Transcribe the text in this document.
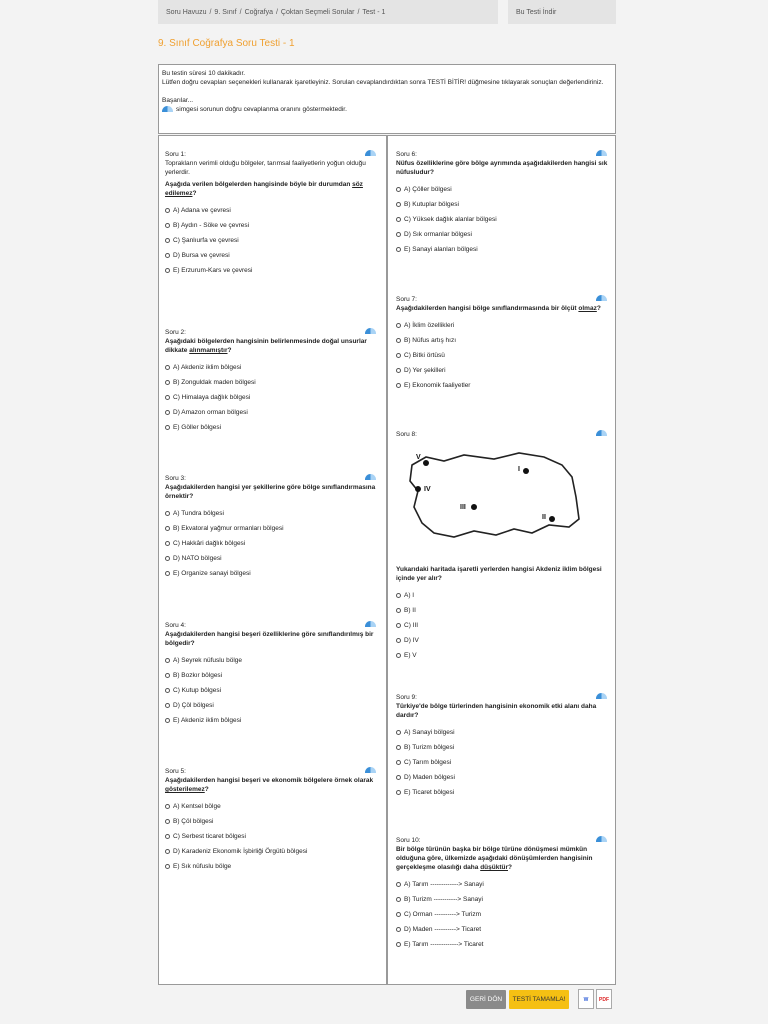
Soru Havuzu / 9. Sınıf / Coğrafya / Çoktan Seçmeli Sorular / Test - 1	Bu Testi İndir
9. Sınıf Coğrafya Soru Testi - 1

Bu testin süresi 10 dakikadır.

Lütfen doğru cevapları seçenekleri kullanarak işaretleyiniz. Sorulan cevaplandırdıktan sonra TESTİ BİTİR! düğmesine tıklayarak sonuçları değerlendiriniz.

Başarılar...

simgesi sorunun doğru cevaplanma oranını göstermektedir.

Soru 1:
Toprakların verimli olduğu bölgeler, tarımsal faaliyetlerin yoğun olduğu yerlerdir.
Aşağıda verilen bölgelerden hangisinde böyle bir durumdan söz edilemez?
A) Adana ve çevresi
B) Aydın - Söke ve çevresi
C) Şanlıurfa ve çevresi
D) Bursa ve çevresi
E) Erzurum-Kars ve çevresi
Soru 2:
Aşağıdaki bölgelerden hangisinin belirlenmesinde doğal unsurlar dikkate alınmamıştır?
A) Akdeniz iklim bölgesi
B) Zonguldak maden bölgesi
C) Himalaya dağlık bölgesi
D) Amazon orman bölgesi
E) Göller bölgesi
Soru 3:
Aşağıdakilerden hangisi yer şekillerine göre bölge sınıflandırmasına örnektir?
A) Tundra bölgesi
B) Ekvatoral yağmur ormanları bölgesi
C) Hakkâri dağlık bölgesi
D) NATO bölgesi
E) Organize sanayi bölgesi
Soru 4:
Aşağıdakilerden hangisi beşeri özelliklerine göre sınıflandırılmış bir bölgedir?
A) Seyrek nüfuslu bölge
B) Bozkır bölgesi
C) Kutup bölgesi
D) Çöl bölgesi
E) Akdeniz iklim bölgesi
Soru 5:
Aşağıdakilerden hangisi beşeri ve ekonomik bölgelere örnek olarak gösterilemez?
A) Kentsel bölge
B) Çöl bölgesi
C) Serbest ticaret bölgesi
D) Karadeniz Ekonomik İşbirliği Örgütü bölgesi
E) Sık nüfuslu bölge
Soru 6:
Nüfus özelliklerine göre bölge ayrımında aşağıdakilerden hangisi sık nüfusludur?
A) Çöller bölgesi
B) Kutuplar bölgesi
C) Yüksek dağlık alanlar bölgesi
D) Sık ormanlar bölgesi
E) Sanayi alanları bölgesi
Soru 7:
Aşağıdakilerden hangisi bölge sınıflandırmasında bir ölçüt olmaz?
A) İklim özellikleri
B) Nüfus artış hızı
C) Bitki örtüsü
D) Yer şekilleri
E) Ekonomik faaliyetler
Soru 8:
V
IV
III
II
I
Yukarıdaki haritada işaretli yerlerden hangisi Akdeniz iklim bölgesi içinde yer alır?
A) I
B) II
C) III
D) IV
E) V
Soru 9:
Türkiye'de bölge türlerinden hangisinin ekonomik etki alanı daha dardır?
A) Sanayi bölgesi
B) Turizm bölgesi
C) Tarım bölgesi
D) Maden bölgesi
E) Ticaret bölgesi
Soru 10:
Bir bölge türünün başka bir bölge türüne dönüşmesi mümkün olduğuna göre, ülkemizde aşağıdaki dönüşümlerden hangisinin gerçekleşme olasılığı daha düşüktür?
A) Tarım -------------> Sanayi
B) Turizm -----------> Sanayi
C) Orman ----------> Turizm
D) Maden ----------> Ticaret
E) Tarım -------------> Ticaret
GERİ DÖN	TESTİ TAMAMLA!	W	PDF
